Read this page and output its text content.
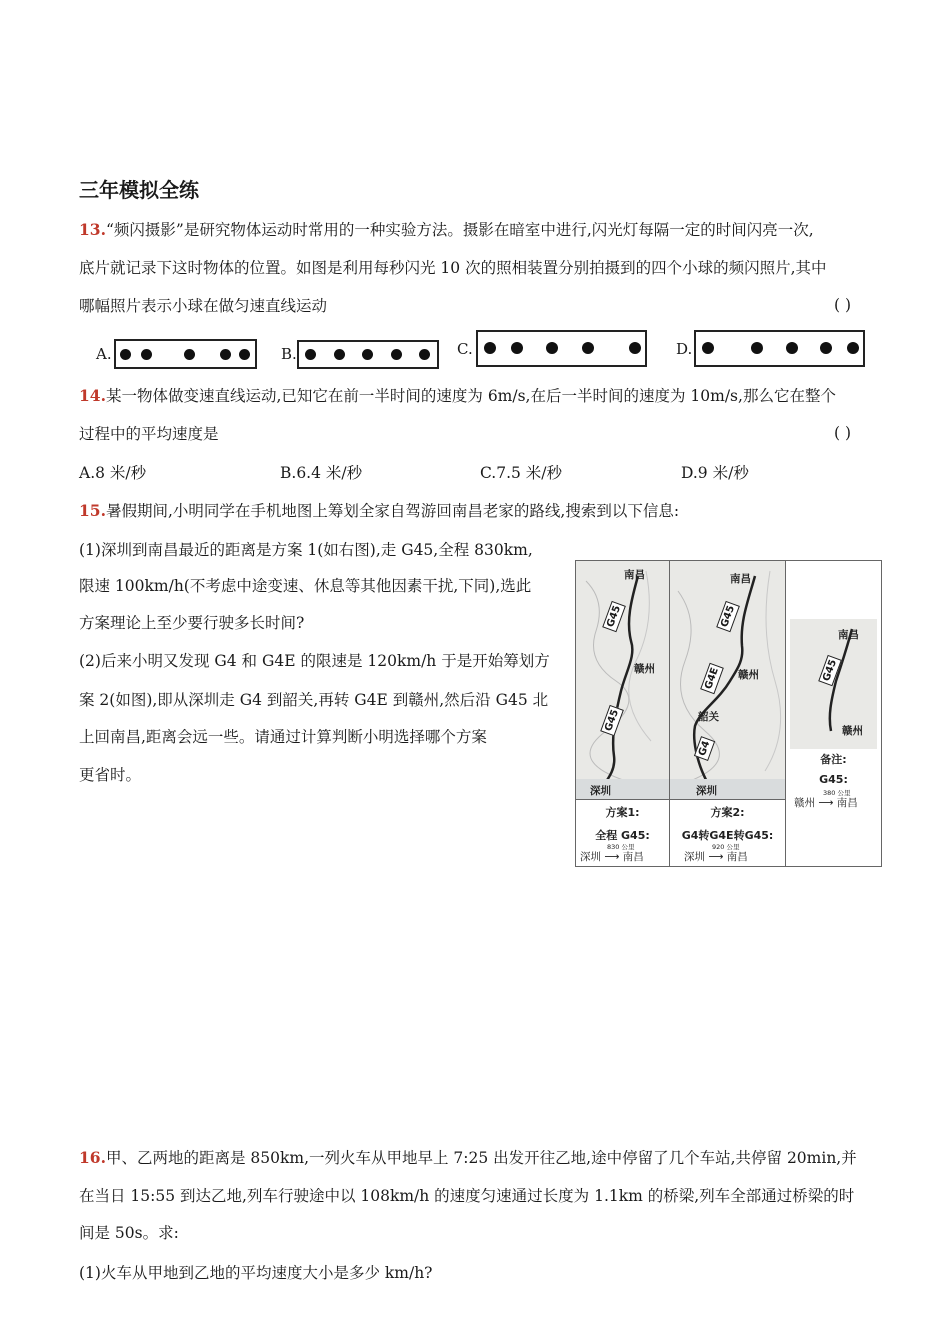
三年模拟全练
13.“频闪摄影”是研究物体运动时常用的一种实验方法。摄影在暗室中进行,闪光灯每隔一定的时间闪亮一次,
底片就记录下这时物体的位置。如图是利用每秒闪光 10 次的照相装置分别拍摄到的四个小球的频闪照片,其中
哪幅照片表示小球在做匀速直线运动	( )
A.	B.	C.	D.
14.某一物体做变速直线运动,已知它在前一半时间的速度为 6m/s,在后一半时间的速度为 10m/s,那么它在整个
过程中的平均速度是	( )
A.8 米/秒	B.6.4 米/秒	C.7.5 米/秒	D.9 米/秒
15.暑假期间,小明同学在手机地图上筹划全家自驾游回南昌老家的路线,搜索到以下信息:
(1)深圳到南昌最近的距离是方案 1(如右图),走 G45,全程 830km,
限速 100km/h(不考虑中途变速、休息等其他因素干扰,下同),选此
方案理论上至少要行驶多长时间?
(2)后来小明又发现 G4 和 G4E 的限速是 120km/h 于是开始筹划方
案 2(如图),即从深圳走 G4 到韶关,再转 G4E 到赣州,然后沿 G45 北
上回南昌,距离会远一些。请通过计算判断小明选择哪个方案
更省时。
南昌
G45
赣州
G45
深圳
方案1:
全程 G45:
深圳 ⟶ 南昌
830 公里
南昌
G45
赣州
G4E
韶关
G4
深圳
方案2:
G4转G4E转G45:
深圳 ⟶ 南昌
920 公里
南昌
G45
赣州
备注:
G45:
赣州 ⟶ 南昌
380 公里
16.甲、乙两地的距离是 850km,一列火车从甲地早上 7:25 出发开往乙地,途中停留了几个车站,共停留 20min,并
在当日 15:55 到达乙地,列车行驶途中以 108km/h 的速度匀速通过长度为 1.1km 的桥梁,列车全部通过桥梁的时
间是 50s。求:
(1)火车从甲地到乙地的平均速度大小是多少 km/h?
